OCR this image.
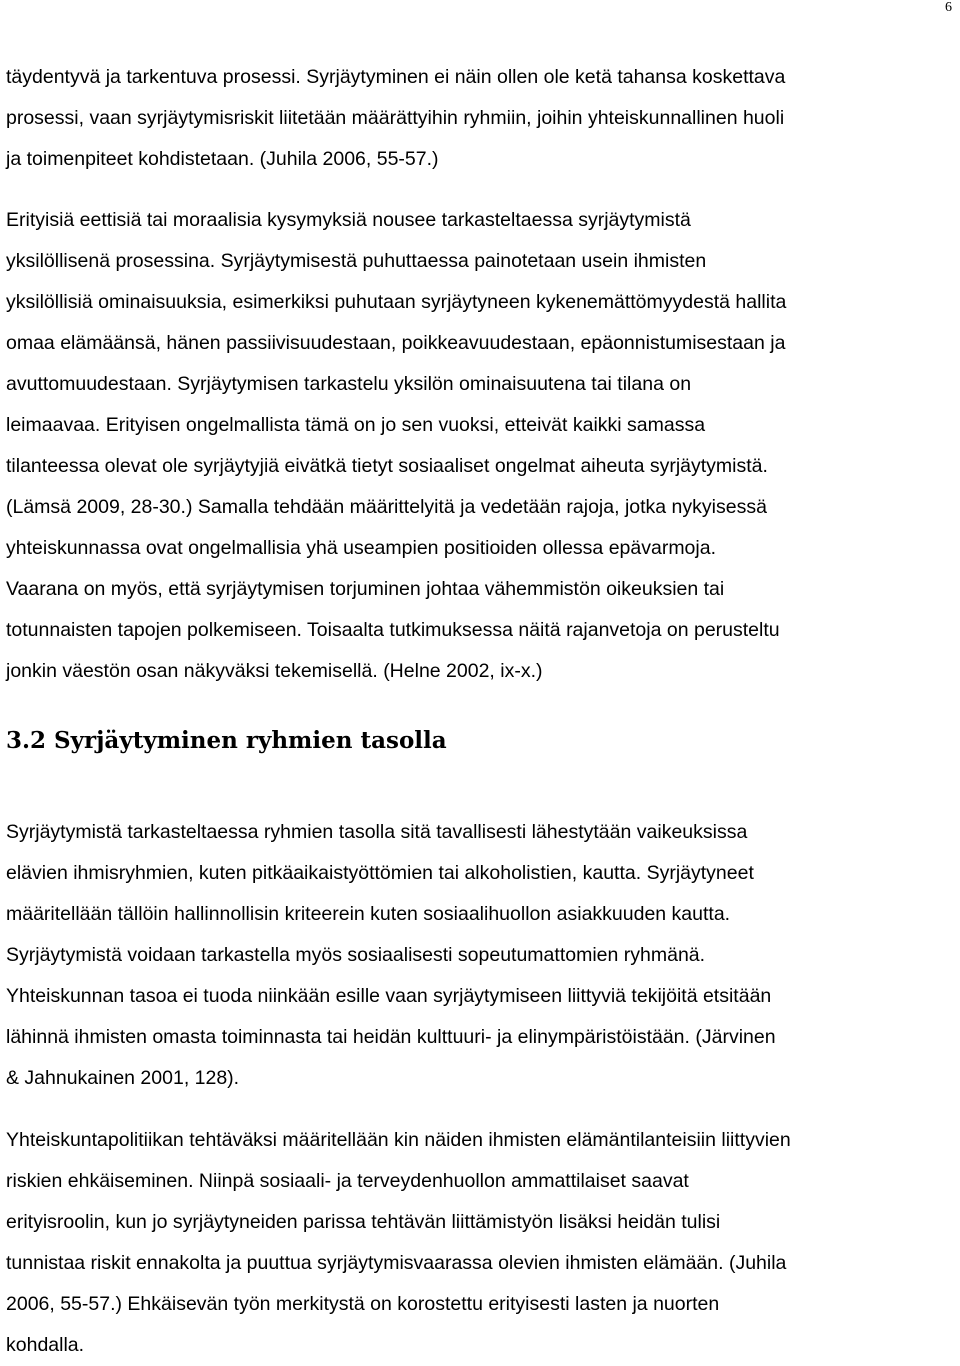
6
täydentyvä ja tarkentuva prosessi. Syrjäytyminen ei näin ollen ole ketä tahansa koskettava
prosessi, vaan syrjäytymisriskit liitetään määrättyihin ryhmiin, joihin yhteiskunnallinen huoli
ja toimenpiteet kohdistetaan. (Juhila 2006, 55-57.)
Erityisiä eettisiä tai moraalisia kysymyksiä nousee tarkasteltaessa syrjäytymistä
yksilöllisenä prosessina. Syrjäytymisestä puhuttaessa painotetaan usein ihmisten
yksilöllisiä ominaisuuksia, esimerkiksi puhutaan syrjäytyneen kykenemättömyydestä hallita
omaa elämäänsä, hänen passiivisuudestaan, poikkeavuudestaan, epäonnistumisestaan ja
avuttomuudestaan. Syrjäytymisen tarkastelu yksilön ominaisuutena tai tilana on
leimaavaa. Erityisen ongelmallista tämä on jo sen vuoksi, etteivät kaikki samassa
tilanteessa olevat ole syrjäytyjiä eivätkä tietyt sosiaaliset ongelmat aiheuta syrjäytymistä.
(Lämsä 2009, 28-30.) Samalla tehdään määrittelyitä ja vedetään rajoja, jotka nykyisessä
yhteiskunnassa ovat ongelmallisia yhä useampien positioiden ollessa epävarmoja.
Vaarana on myös, että syrjäytymisen torjuminen johtaa vähemmistön oikeuksien tai
totunnaisten tapojen polkemiseen. Toisaalta tutkimuksessa näitä rajanvetoja on perusteltu
jonkin väestön osan näkyväksi tekemisellä. (Helne 2002, ix-x.)
3.2 Syrjäytyminen ryhmien tasolla
Syrjäytymistä tarkasteltaessa ryhmien tasolla sitä tavallisesti lähestytään vaikeuksissa
elävien ihmisryhmien, kuten pitkäaikaistyöttömien tai alkoholistien, kautta. Syrjäytyneet
määritellään tällöin hallinnollisin kriteerein kuten sosiaalihuollon asiakkuuden kautta.
Syrjäytymistä voidaan tarkastella myös sosiaalisesti sopeutumattomien ryhmänä.
Yhteiskunnan tasoa ei tuoda niinkään esille vaan syrjäytymiseen liittyviä tekijöitä etsitään
lähinnä ihmisten omasta toiminnasta tai heidän kulttuuri- ja elinympäristöistään. (Järvinen
& Jahnukainen 2001, 128).
Yhteiskuntapolitiikan tehtäväksi määritellään kin näiden ihmisten elämäntilanteisiin liittyvien
riskien ehkäiseminen. Niinpä sosiaali- ja terveydenhuollon ammattilaiset saavat
erityisroolin, kun jo syrjäytyneiden parissa tehtävän liittämistyön lisäksi heidän tulisi
tunnistaa riskit ennakolta ja puuttua syrjäytymisvaarassa olevien ihmisten elämään. (Juhila
2006, 55-57.) Ehkäisevän työn merkitystä on korostettu erityisesti lasten ja nuorten
kohdalla.
